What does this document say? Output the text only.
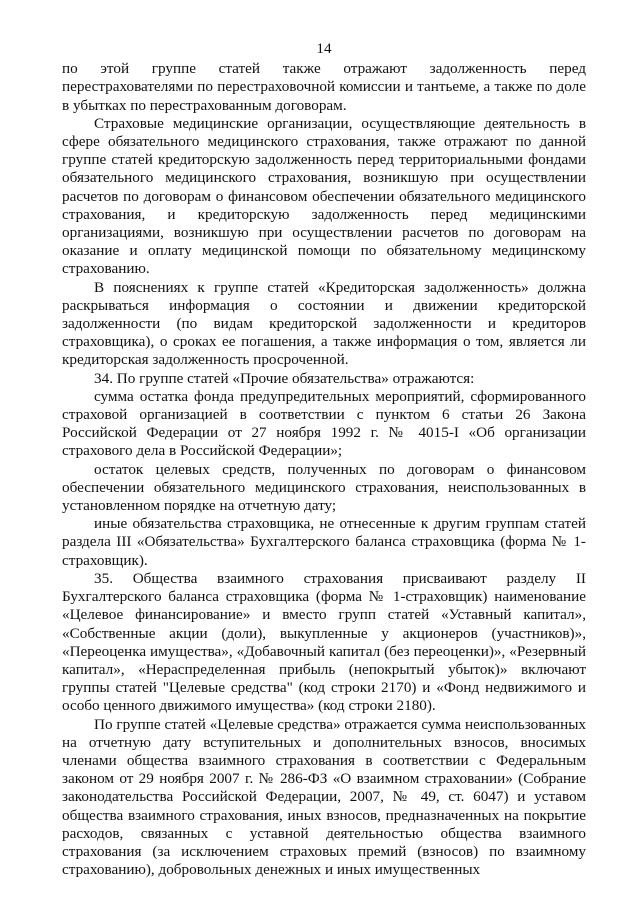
14

по этой группе статей также отражают задолженность перед перестрахователями по перестраховочной комиссии и тантьеме, а также по доле в убытках по перестрахованным договорам.

Страховые медицинские организации, осуществляющие деятельность в сфере обязательного медицинского страхования, также отражают по данной группе статей кредиторскую задолженность перед территориальными фондами обязательного медицинского страхования, возникшую при осуществлении расчетов по договорам о финансовом обеспечении обязательного медицинского страхования, и кредиторскую задолженность перед медицинскими организациями, возникшую при осуществлении расчетов по договорам на оказание и оплату медицинской помощи по обязательному медицинскому страхованию.

В пояснениях к группе статей «Кредиторская задолженность» должна раскрываться информация о состоянии и движении кредиторской задолженности (по видам кредиторской задолженности и кредиторов страховщика), о сроках ее погашения, а также информация о том, является ли кредиторская задолженность просроченной.

34. По группе статей «Прочие обязательства» отражаются:

сумма остатка фонда предупредительных мероприятий, сформированного страховой организацией в соответствии с пунктом 6 статьи 26 Закона Российской Федерации от 27 ноября 1992 г. № 4015-I «Об организации страхового дела в Российской Федерации»;

остаток целевых средств, полученных по договорам о финансовом обеспечении обязательного медицинского страхования, неиспользованных в установленном порядке на отчетную дату;

иные обязательства страховщика, не отнесенные к другим группам статей раздела III «Обязательства» Бухгалтерского баланса страховщика (форма № 1-страховщик).

35. Общества взаимного страхования присваивают разделу II Бухгалтерского баланса страховщика (форма № 1-страховщик) наименование «Целевое финансирование» и вместо групп статей «Уставный капитал», «Собственные акции (доли), выкупленные у акционеров (участников)», «Переоценка имущества», «Добавочный капитал (без переоценки)», «Резервный капитал», «Нераспределенная прибыль (непокрытый убыток)» включают группы статей "Целевые средства" (код строки 2170) и «Фонд недвижимого и особо ценного движимого имущества» (код строки 2180).

По группе статей «Целевые средства» отражается сумма неиспользованных на отчетную дату вступительных и дополнительных взносов, вносимых членами общества взаимного страхования в соответствии с Федеральным законом от 29 ноября 2007 г. № 286-ФЗ «О взаимном страховании» (Собрание законодательства Российской Федерации, 2007, № 49, ст. 6047) и уставом общества взаимного страхования, иных взносов, предназначенных на покрытие расходов, связанных с уставной деятельностью общества взаимного страхования (за исключением страховых премий (взносов) по взаимному страхованию), добровольных денежных и иных имущественных
